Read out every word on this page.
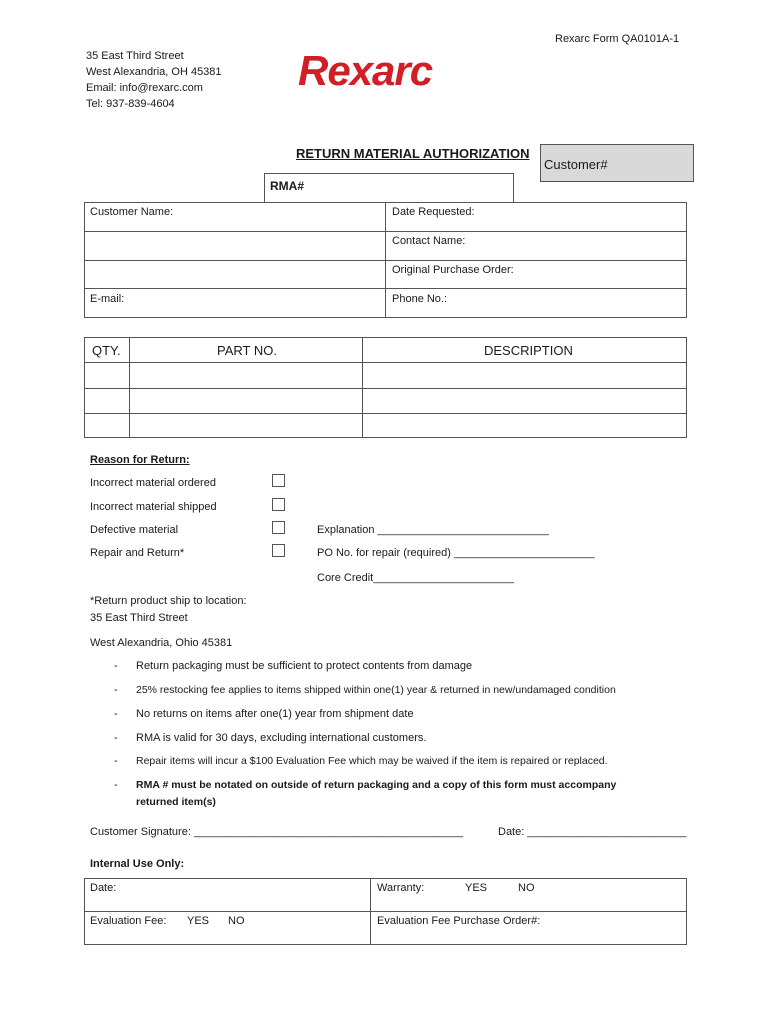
Rexarc Form QA0101A-1
35 East Third Street
West Alexandria, OH 45381
Email: info@rexarc.com
Tel: 937-839-4604
Rexarc
RETURN MATERIAL AUTHORIZATION
Customer#
RMA#
Customer Name:	Date Requested:
Contact Name:
Original Purchase Order:
E-mail:	Phone No.:
QTY.	PART NO.	DESCRIPTION
Reason for Return:
Incorrect material ordered
Incorrect material shipped
Defective material
Repair and Return*
Explanation ____________________________
PO No. for repair (required) _______________________
Core Credit_______________________
*Return product ship to location:
35 East Third Street
West Alexandria, Ohio 45381
- Return packaging must be sufficient to protect contents from damage
- 25% restocking fee applies to items shipped within one(1) year & returned in new/undamaged condition
- No returns on items after one(1) year from shipment date
- RMA is valid for 30 days, excluding international customers.
- Repair items will incur a $100 Evaluation Fee which may be waived if the item is repaired or replaced.
- RMA # must be notated on outside of return packaging and a copy of this form must accompany
returned item(s)
Customer Signature: ____________________________________________	Date: __________________________
Internal Use Only:
Date:	Warranty:	YES	NO
Evaluation Fee: YES NO	Evaluation Fee Purchase Order#:
